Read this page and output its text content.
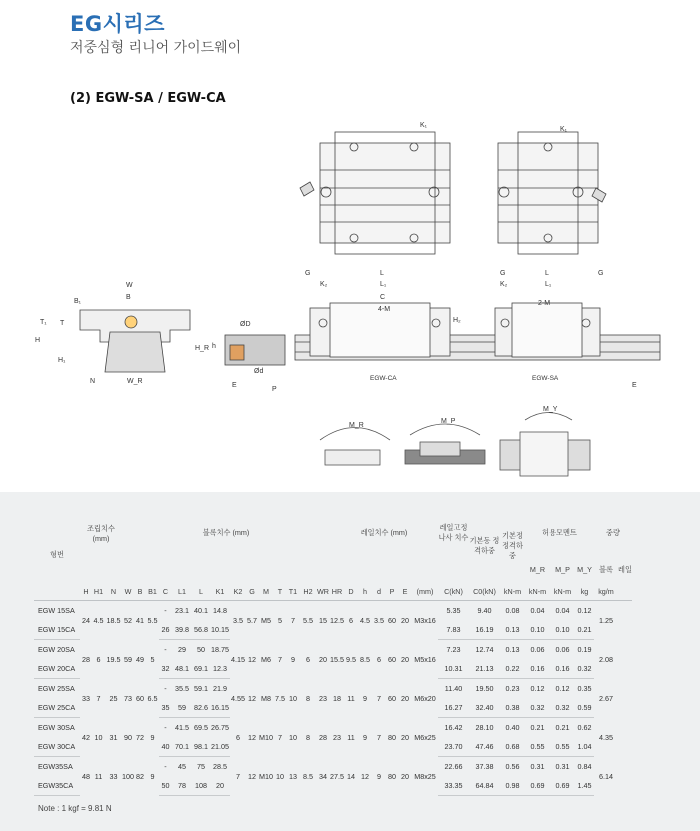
EG시리즈
저중심형 리니어 가이드웨이
(2) EGW-SA / EGW-CA
K₁
K₁
G	L
K₂	L₁
C
4-M
H₂
EGW-CA
G	L	G
K₂	L₁
2-M
EGW-SA
ØD
h
Ød
E
P
E
W
B
B₁
T
T₁
H
H₁
N	W_R
H_R
M_R
M_P
M_Y
형번	조립치수 (mm)			블록치수 (mm)														레일치수 (mm)							레일고정나사 치수	기본동 정격하중	기본정 정격하중	허용모멘트			중량	
																												M_R	M_P	M_Y	블록	레일
	H	H1	N	W	B	B1	C	L1	L	K1	K2	G	M	T	T1	H2	WR	HR	D	h	d	P	E	(mm)	C(kN)	C0(kN)	kN-m	kN-m	kN-m	kg	kg/m	
EGW 15SA	24	4.5	18.5	52	41	5.5	-	23.1	40.1	14.8	3.5	5.7	M5	5	7	5.5	15	12.5	6	4.5	3.5	60	20	M3x16	5.35	9.40	0.08	0.04	0.04	0.12	1.25	
EGW 15CA							26	39.8	56.8	10.15															7.83	16.19	0.13	0.10	0.10	0.21		
EGW 20SA	28	6	19.5	59	49	5	-	29	50	18.75	4.15	12	M6	7	9	6	20	15.5	9.5	8.5	6	60	20	M5x16	7.23	12.74	0.13	0.06	0.06	0.19	2.08	
EGW 20CA							32	48.1	69.1	12.3															10.31	21.13	0.22	0.16	0.16	0.32		
EGW 25SA	33	7	25	73	60	6.5	-	35.5	59.1	21.9	4.55	12	M8	7.5	10	8	23	18	11	9	7	60	20	M6x20	11.40	19.50	0.23	0.12	0.12	0.35	2.67	
EGW 25CA							35	59	82.6	16.15															16.27	32.40	0.38	0.32	0.32	0.59		
EGW 30SA	42	10	31	90	72	9	-	41.5	69.5	26.75	6	12	M10	7	10	8	28	23	11	9	7	80	20	M6x25	16.42	28.10	0.40	0.21	0.21	0.62	4.35	
EGW 30CA							40	70.1	98.1	21.05															23.70	47.46	0.68	0.55	0.55	1.04		
EGW35SA	48	11	33	100	82	9	-	45	75	28.5	7	12	M10	10	13	8.5	34	27.5	14	12	9	80	20	M8x25	22.66	37.38	0.56	0.31	0.31	0.84	6.14	
EGW35CA							50	78	108	20															33.35	64.84	0.98	0.69	0.69	1.45		
Note : 1 kgf = 9.81 N
